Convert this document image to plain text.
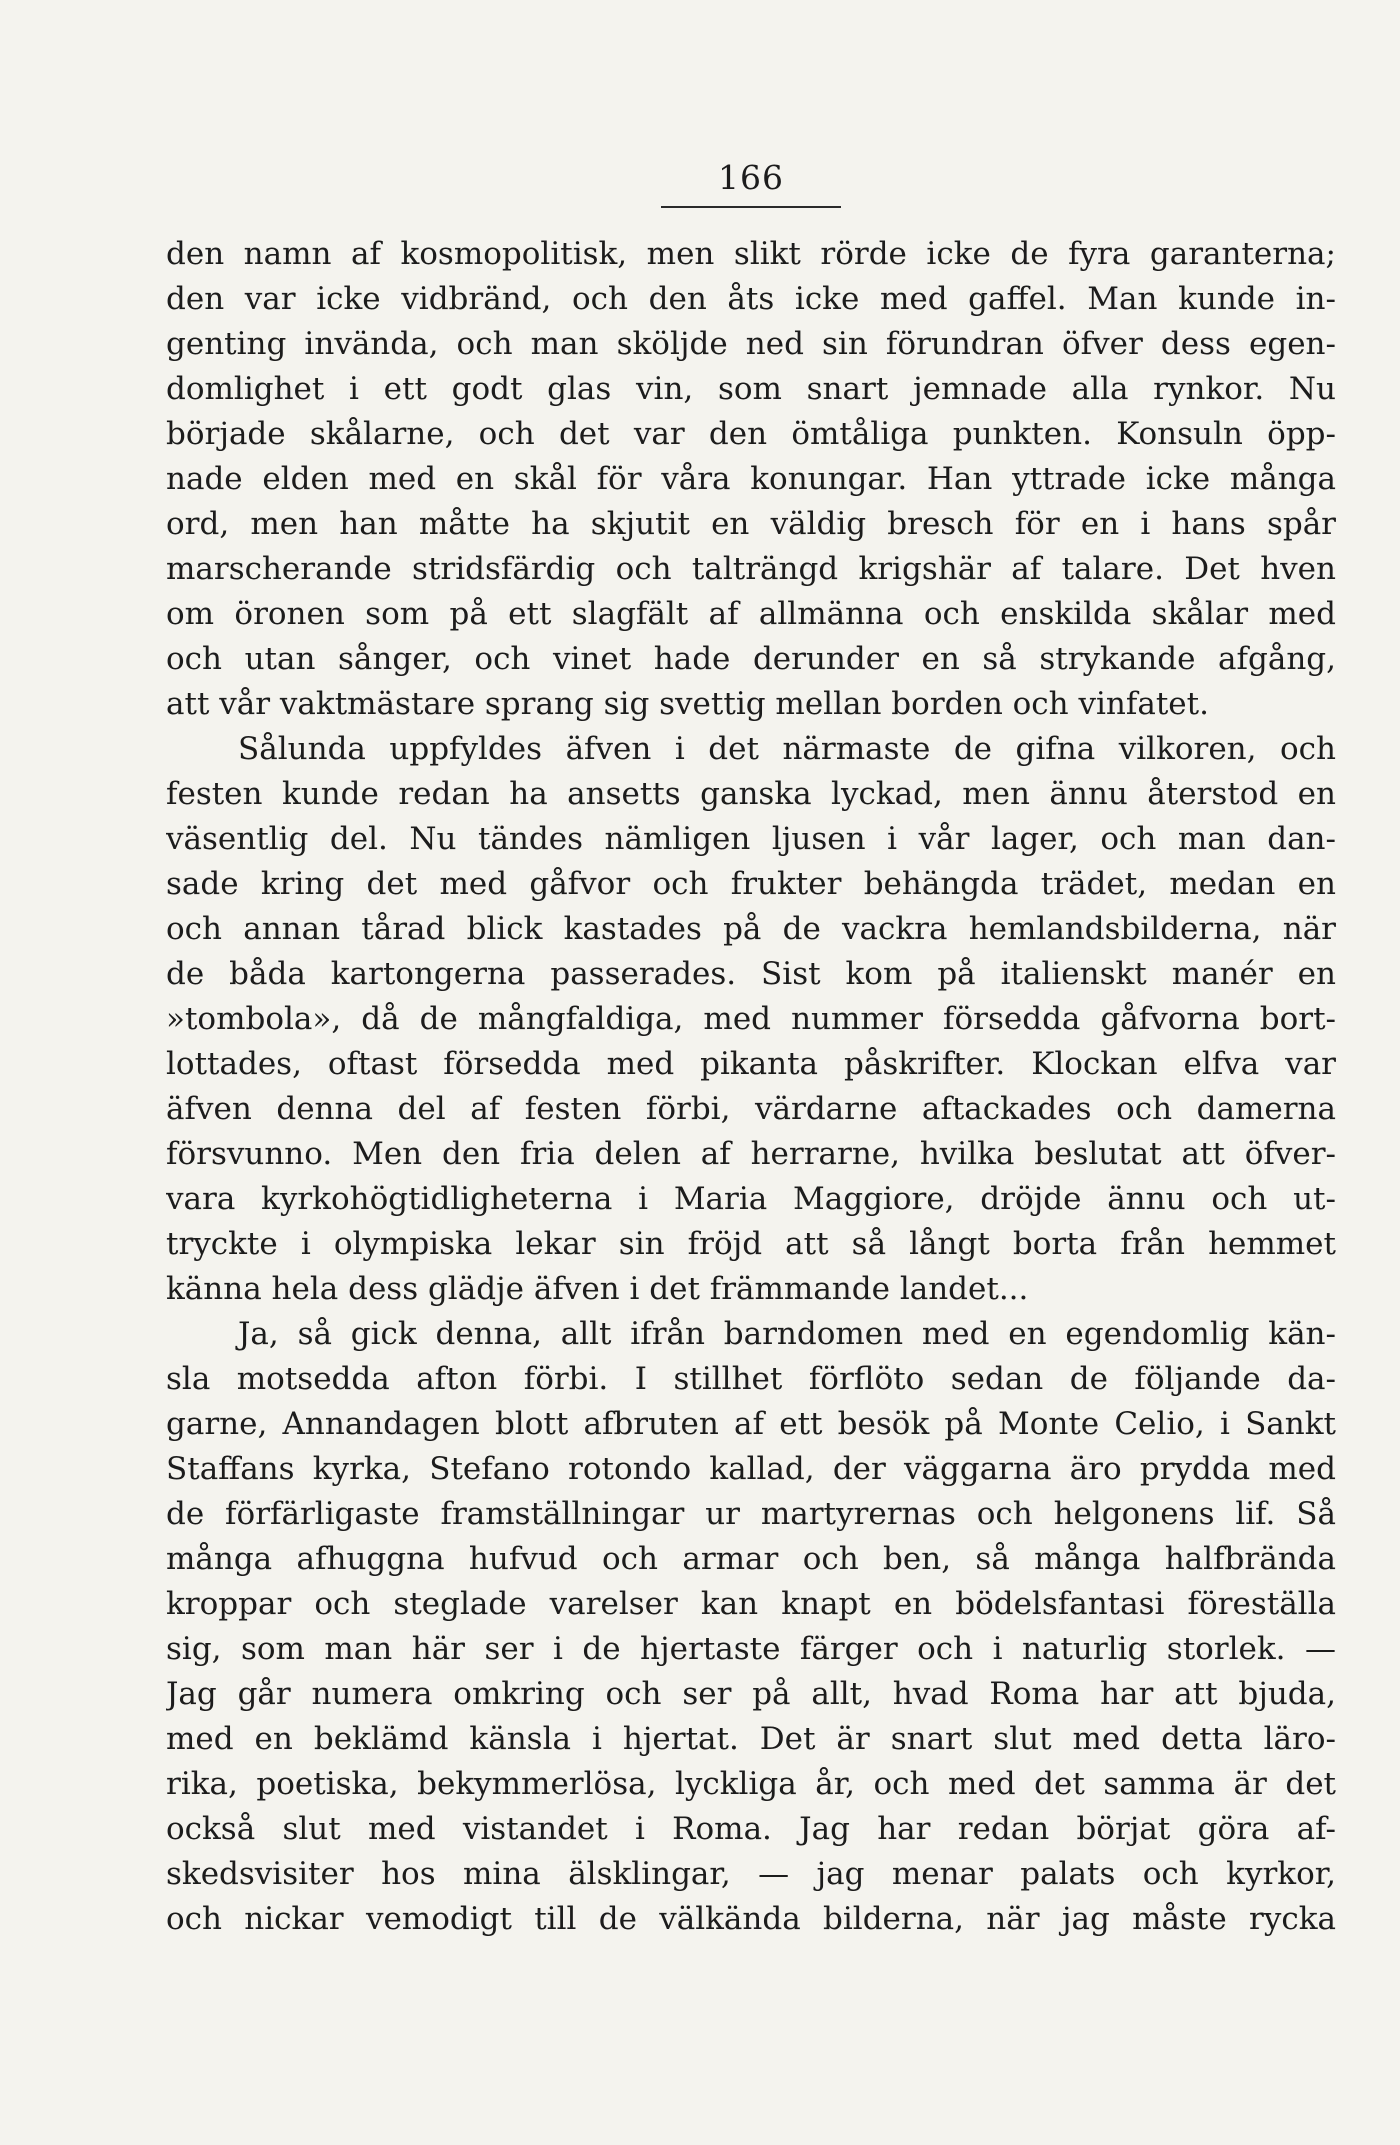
166
den namn af kosmopolitisk, men slikt rörde icke de fyra garanterna;
den var icke vidbränd, och den åts icke med gaffel. Man kunde in-
genting invända, och man sköljde ned sin förundran öfver dess egen-
domlighet i ett godt glas vin, som snart jemnade alla rynkor. Nu
började skålarne, och det var den ömtåliga punkten. Konsuln öpp-
nade elden med en skål för våra konungar. Han yttrade icke många
ord, men han måtte ha skjutit en väldig bresch för en i hans spår
marscherande stridsfärdig och talträngd krigshär af talare. Det hven
om öronen som på ett slagfält af allmänna och enskilda skålar med
och utan sånger, och vinet hade derunder en så strykande afgång,
att vår vaktmästare sprang sig svettig mellan borden och vinfatet.
Sålunda uppfyldes äfven i det närmaste de gifna vilkoren, och
festen kunde redan ha ansetts ganska lyckad, men ännu återstod en
väsentlig del. Nu tändes nämligen ljusen i vår lager, och man dan-
sade kring det med gåfvor och frukter behängda trädet, medan en
och annan tårad blick kastades på de vackra hemlandsbilderna, när
de båda kartongerna passerades. Sist kom på italienskt manér en
»tombola», då de mångfaldiga, med nummer försedda gåfvorna bort-
lottades, oftast försedda med pikanta påskrifter. Klockan elfva var
äfven denna del af festen förbi, värdarne aftackades och damerna
försvunno. Men den fria delen af herrarne, hvilka beslutat att öfver-
vara kyrkohögtidligheterna i Maria Maggiore, dröjde ännu och ut-
tryckte i olympiska lekar sin fröjd att så långt borta från hemmet
känna hela dess glädje äfven i det främmande landet...
Ja, så gick denna, allt ifrån barndomen med en egendomlig kän-
sla motsedda afton förbi. I stillhet förflöto sedan de följande da-
garne, Annandagen blott afbruten af ett besök på Monte Celio, i Sankt
Staffans kyrka, Stefano rotondo kallad, der väggarna äro prydda med
de förfärligaste framställningar ur martyrernas och helgonens lif. Så
många afhuggna hufvud och armar och ben, så många halfbrända
kroppar och steglade varelser kan knapt en bödelsfantasi föreställa
sig, som man här ser i de hjertaste färger och i naturlig storlek. —
Jag går numera omkring och ser på allt, hvad Roma har att bjuda,
med en beklämd känsla i hjertat. Det är snart slut med detta läro-
rika, poetiska, bekymmerlösa, lyckliga år, och med det samma är det
också slut med vistandet i Roma. Jag har redan börjat göra af-
skedsvisiter hos mina älsklingar, — jag menar palats och kyrkor,
och nickar vemodigt till de välkända bilderna, när jag måste rycka
